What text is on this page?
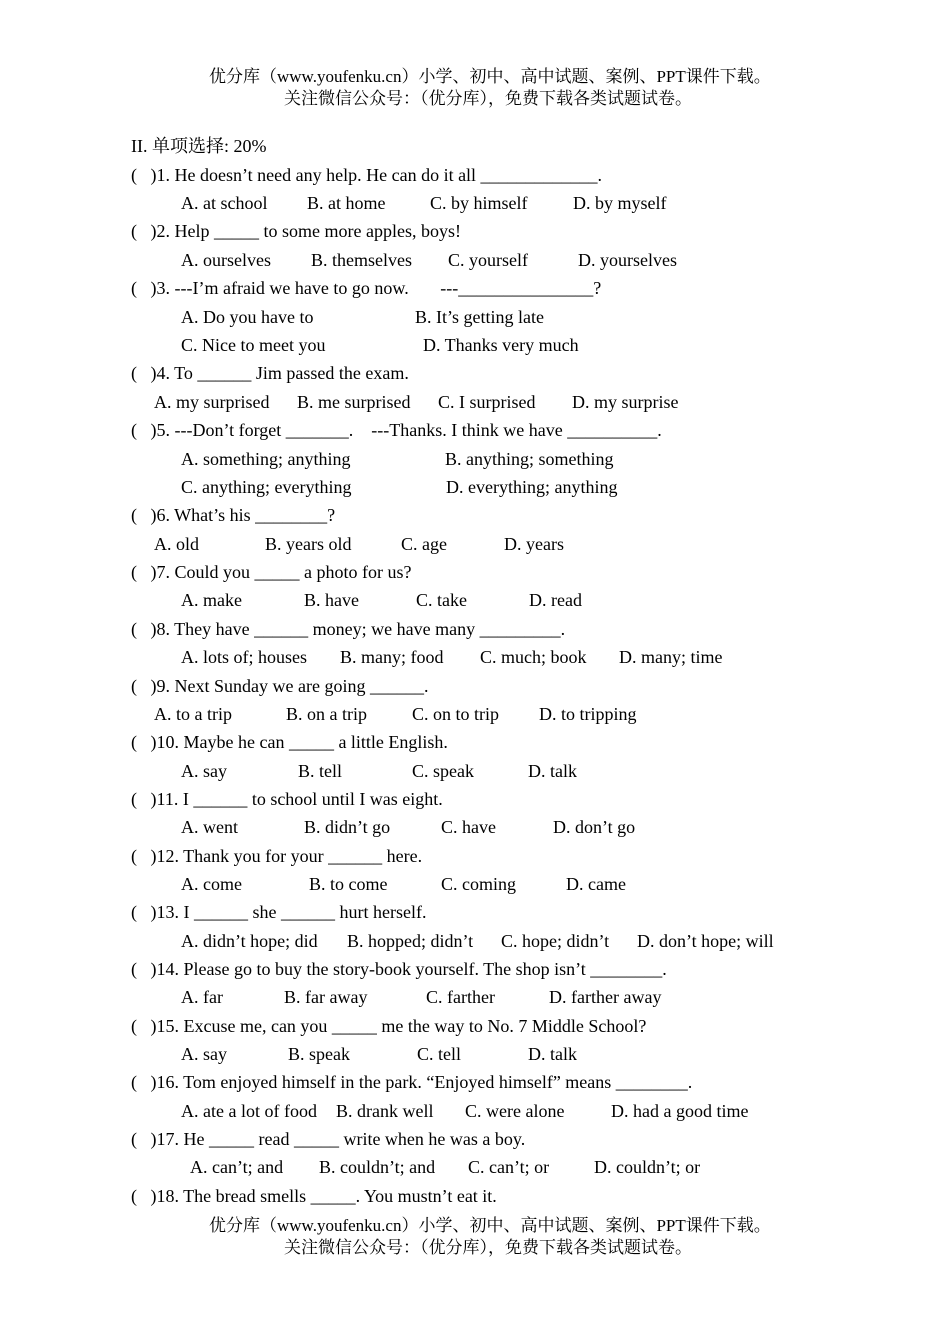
优分库（www.youfenku.cn）小学、初中、高中试题、案例、PPT课件下载。
关注微信公众号：（优分库），免费下载各类试题试卷。
II. 单项选择: 20%
(   )1. He doesn’t need any help. He can do it all _____________.
A. at school B. at home C. by himself	D. by myself
(   )2. Help _____ to some more apples, boys!
A. ourselves B. themselves C. yourself	D. yourselves
(   )3. ---I’m afraid we have to go now.       ---_______________?
A. Do you have to	B. It’s getting late
C. Nice to meet you	D. Thanks very much
(   )4. To ______ Jim passed the exam.
A. my surprised B. me surprised C. I surprised D. my surprise
(   )5. ---Don’t forget _______.    ---Thanks. I think we have __________.
A. something; anything	B. anything; something
C. anything; everything	D. everything; anything
(   )6. What’s his ________?
A. old	B. years old	C. age	D. years
(   )7. Could you _____ a photo for us?
A. make	B. have	C. take	D. read
(   )8. They have ______ money; we have many _________.
A. lots of; houses B. many; food C. much; book D. many; time
(   )9. Next Sunday we are going ______.
A. to a trip	B. on a trip	C. on to trip D. to tripping
(   )10. Maybe he can _____ a little English.
A. say	B. tell	C. speak	D. talk
(   )11. I ______ to school until I was eight.
A. went	B. didn’t go	C. have	D. don’t go
(   )12. Thank you for your ______ here.
A. come	B. to come	C. coming	D. came
(   )13. I ______ she ______ hurt herself.
A. didn’t hope; did B. hopped; didn’t C. hope; didn’t D. don’t hope; will
(   )14. Please go to buy the story-book yourself. The shop isn’t ________.
A. far	B. far away	C. farther	D. farther away
(   )15. Excuse me, can you _____ me the way to No. 7 Middle School?
A. say	B. speak	C. tell	D. talk
(   )16. Tom enjoyed himself in the park. “Enjoyed himself” means ________.
A. ate a lot of food B. drank well C. were alone	D. had a good time
(   )17. He _____ read _____ write when he was a boy.
A. can’t; and B. couldn’t; and C. can’t; or D. couldn’t; or
(   )18. The bread smells _____. You mustn’t eat it.
优分库（www.youfenku.cn）小学、初中、高中试题、案例、PPT课件下载。
关注微信公众号：（优分库），免费下载各类试题试卷。
